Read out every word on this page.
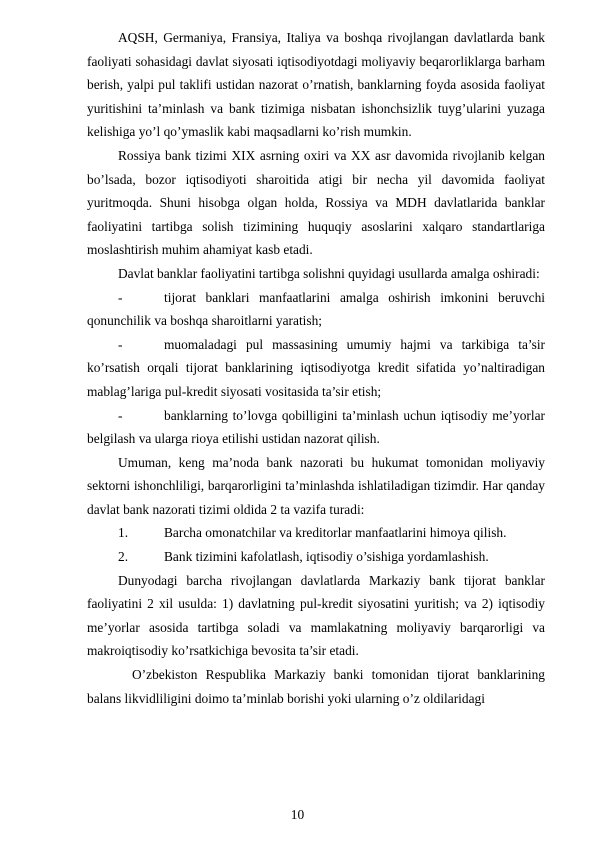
AQSH, Germaniya, Fransiya, Italiya va boshqa rivojlangan davlatlarda bank faoliyati sohasidagi davlat siyosati iqtisodiyotdagi moliyaviy beqarorliklarga barham berish, yalpi pul taklifi ustidan nazorat o’rnatish, banklarning foyda asosida faoliyat yuritishini ta’minlash va bank tizimiga nisbatan ishonchsizlik tuyg’ularini yuzaga kelishiga yo’l qo’ymaslik kabi maqsadlarni ko’rish mumkin.

Rossiya bank tizimi XIX asrning oxiri va XX asr davomida rivojlanib kelgan bo’lsada, bozor iqtisodiyoti sharoitida atigi bir necha yil davomida faoliyat yuritmoqda. Shuni hisobga olgan holda, Rossiya va MDH davlatlarida banklar faoliyatini tartibga solish tizimining huquqiy asoslarini xalqaro standartlariga moslashtirish muhim ahamiyat kasb etadi.

Davlat banklar faoliyatini tartibga solishni quyidagi usullarda amalga oshiradi:

-	tijorat banklari manfaatlarini amalga oshirish imkonini beruvchi qonunchilik va boshqa sharoitlarni yaratish;

-	muomaladagi pul massasining umumiy hajmi va tarkibiga ta’sir ko’rsatish orqali tijorat banklarining iqtisodiyotga kredit sifatida yo’naltiradigan mablag’lariga pul-kredit siyosati vositasida ta’sir etish;

-	banklarning to’lovga qobilligini ta’minlash uchun iqtisodiy me’yorlar belgilash va ularga rioya etilishi ustidan nazorat qilish.

Umuman, keng ma’noda bank nazorati bu hukumat tomonidan moliyaviy sektorni ishonchliligi, barqarorligini ta’minlashda ishlatiladigan tizimdir. Har qanday davlat bank nazorati tizimi oldida 2 ta vazifa turadi:

1.	Barcha omonatchilar va kreditorlar manfaatlarini himoya qilish.

2.	Bank tizimini kafolatlash, iqtisodiy o’sishiga yordamlashish.

Dunyodagi barcha rivojlangan davlatlarda Markaziy bank tijorat banklar faoliyatini 2 xil usulda: 1) davlatning pul-kredit siyosatini yuritish; va 2) iqtisodiy me’yorlar asosida tartibga soladi va mamlakatning moliyaviy barqarorligi va makroiqtisodiy ko’rsatkichiga bevosita ta’sir etadi.

O’zbekiston Respublika Markaziy banki tomonidan tijorat banklarining balans likvidliligini doimo ta’minlab borishi yoki ularning o’z oldilaridagi

10
